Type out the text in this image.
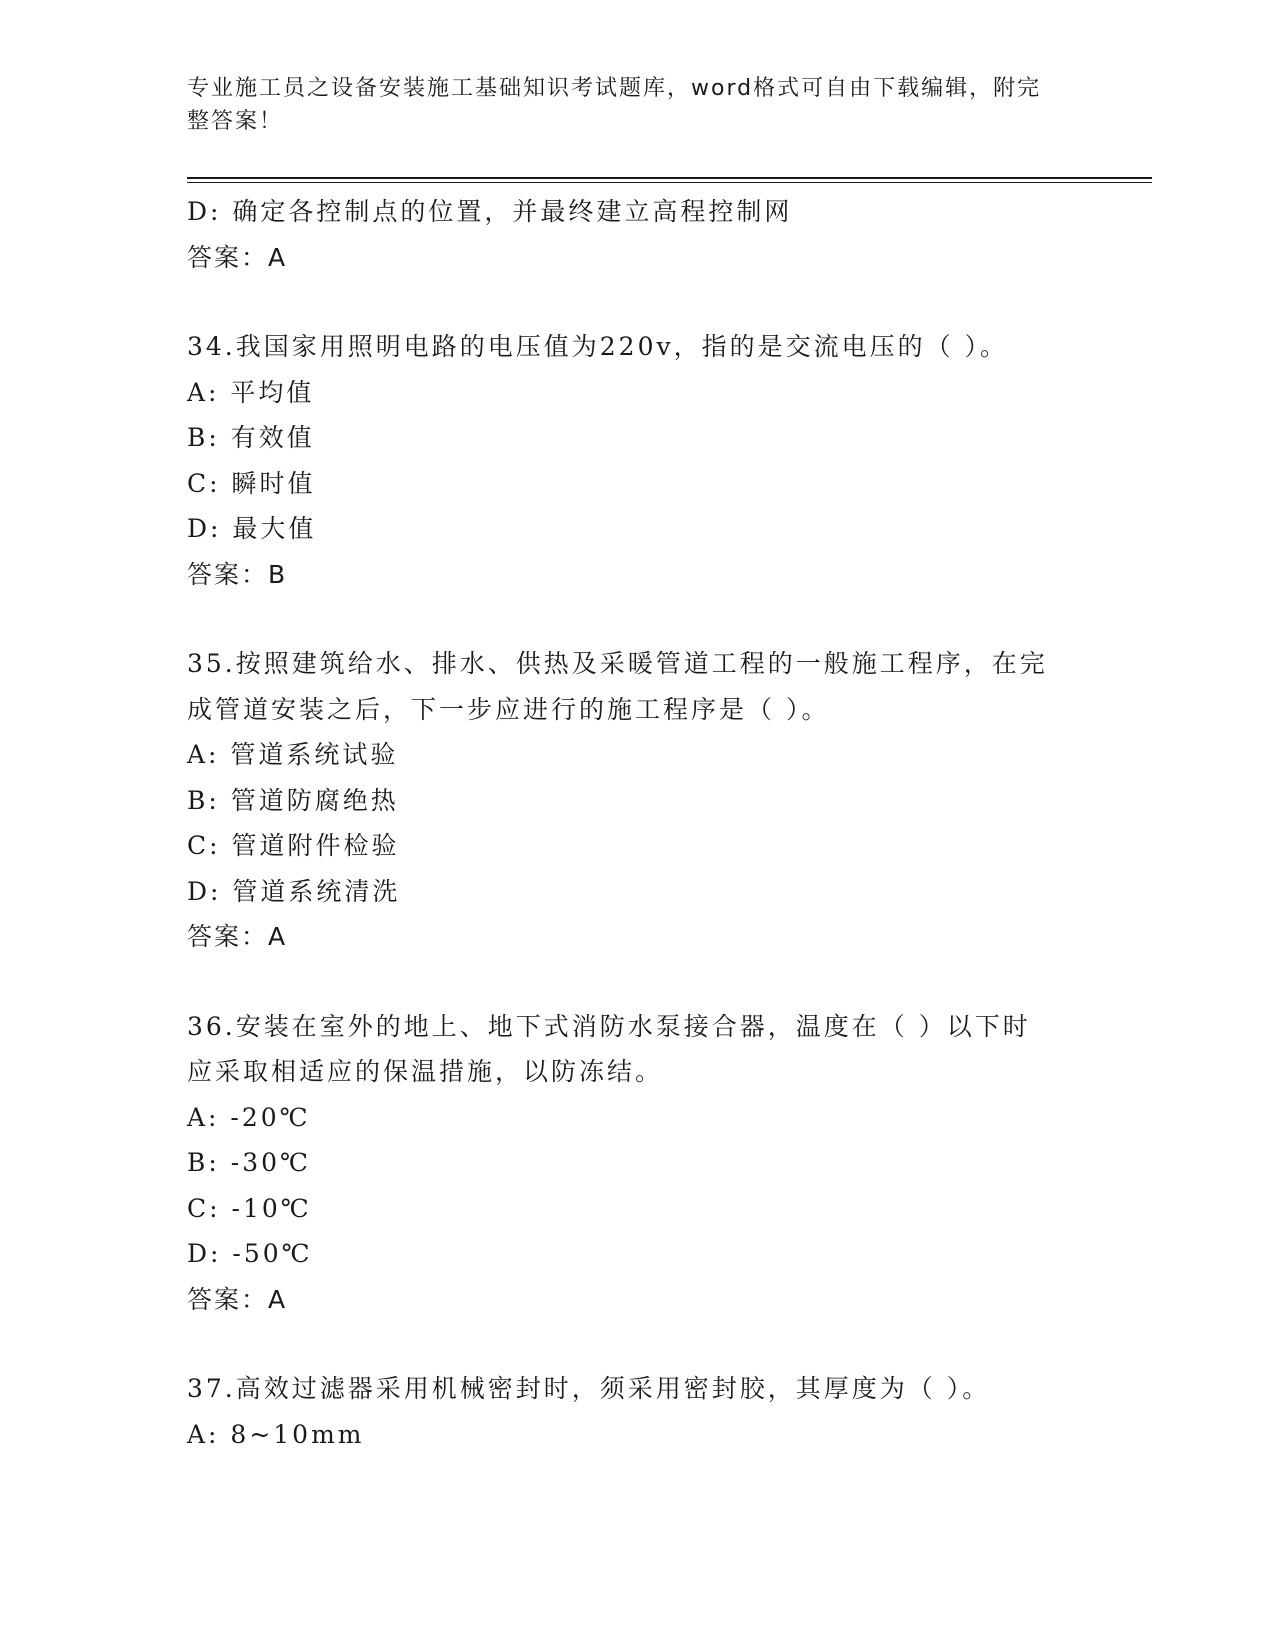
专业施工员之设备安装施工基础知识考试题库，word格式可自由下载编辑，附完
整答案！
D: 确定各控制点的位置，并最终建立高程控制网
答案：A
34.我国家用照明电路的电压值为220v，指的是交流电压的（ ）。
A: 平均值
B: 有效值
C: 瞬时值
D: 最大值
答案：B
35.按照建筑给水、排水、供热及采暖管道工程的一般施工程序，在完
成管道安装之后，下一步应进行的施工程序是（ ）。
A: 管道系统试验
B: 管道防腐绝热
C: 管道附件检验
D: 管道系统清洗
答案：A
36.安装在室外的地上、地下式消防水泵接合器，温度在（ ）以下时
应采取相适应的保温措施，以防冻结。
A: -20℃
B: -30℃
C: -10℃
D: -50℃
答案：A
37.高效过滤器采用机械密封时，须采用密封胶，其厚度为（ ）。
A: 8~10mm
